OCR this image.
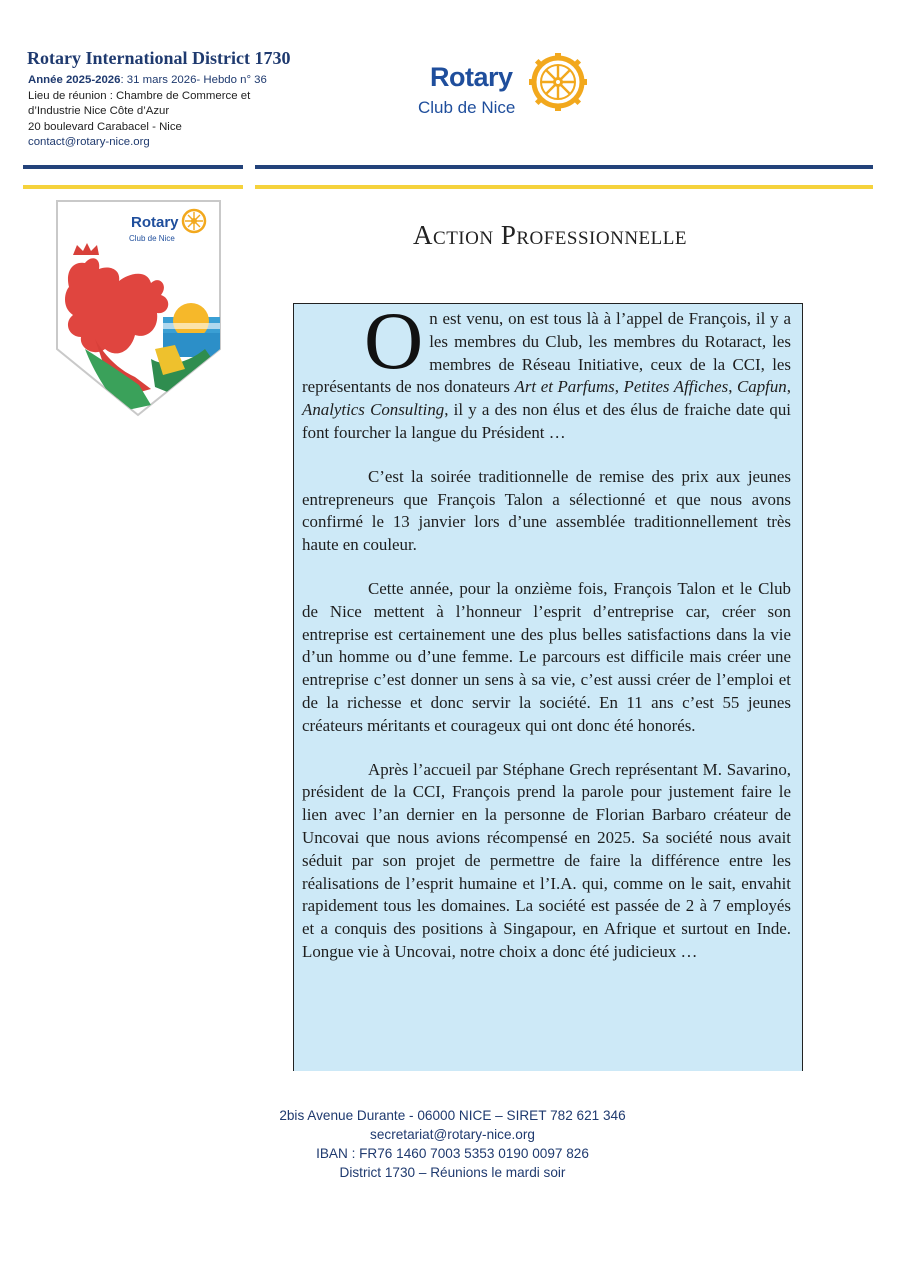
Rotary International District 1730
Année 2025-2026: 31 mars 2026- Hebdo n° 36
Lieu de réunion : Chambre de Commerce et
d’Industrie Nice Côte d’Azur
20 boulevard Carabacel - Nice
contact@rotary-nice.org
Rotary
Club de Nice
Rotary
Club de Nice	Action Professionnelle

On est venu, on est tous là à l’appel de François, il y a les membres du Club, les membres du Rotaract, les membres de Réseau Initiative, ceux de la CCI, les représentants de nos donateurs Art et Parfums, Petites Affiches, Capfun, Analytics Consulting, il y a des non élus et des élus de fraiche date qui font fourcher la langue du Président …

C’est la soirée traditionnelle de remise des prix aux jeunes entrepreneurs que François Talon a sélectionné et que nous avons confirmé le 13 janvier lors d’une assemblée traditionnellement très haute en couleur.

Cette année, pour la onzième fois, François Talon et le Club de Nice mettent à l’honneur l’esprit d’entreprise car, créer son entreprise est certainement une des plus belles satisfactions dans la vie d’un homme ou d’une femme. Le parcours est difficile mais créer une entreprise c’est donner un sens à sa vie, c’est aussi créer de l’emploi et de la richesse et donc servir la société. En 11 ans c’est 55 jeunes créateurs méritants et courageux qui ont donc été honorés.

Après l’accueil par Stéphane Grech représentant M. Savarino, président de la CCI, François prend la parole pour justement faire le lien avec l’an dernier en la personne de Florian Barbaro créateur de Uncovai que nous avions récompensé en 2025. Sa société nous avait séduit par son projet de permettre de faire la différence entre les réalisations de l’esprit humaine et l’I.A. qui, comme on le sait, envahit rapidement tous les domaines. La société est passée de 2 à 7 employés et a conquis des positions à Singapour, en Afrique et surtout en Inde. Longue vie à Uncovai, notre choix a donc été judicieux …

2bis Avenue Durante - 06000 NICE – SIRET 782 621 346
secretariat@rotary-nice.org
IBAN : FR76 1460 7003 5353 0190 0097 826
District 1730 – Réunions le mardi soir
